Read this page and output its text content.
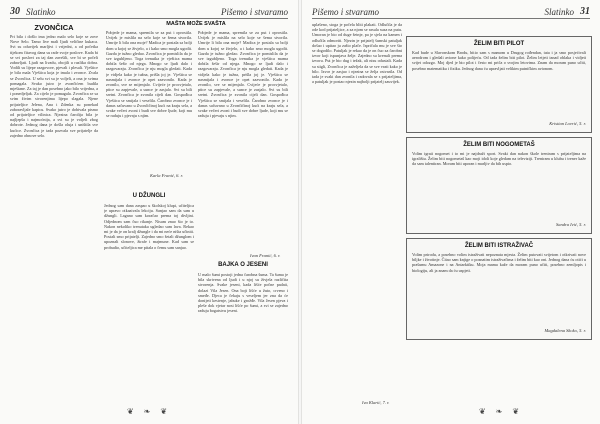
30 Slatinko	Pišemo i stvaramo
ZVONČICA
Pri bila i došlo ima jedno malo selo koje se zove Nove Selo. Tamo live mali Ijudi veličine kukaca. Svi su oduvijek marljivi i vrijedni, a od početka tijekom čitavog dana su rade svoje poslove. Kada bi se svi poslovi za taj dan završili, sve bi se počeli zabavljati. Ljudi na livadu, obojili u razlika dobra. Vodili su lijepe razgovore, pjevali i plesali. Vještice je bila mala Vještica koja je imala i zvonce. Zvala se Zvončica. U selu svi su je voljeli, a ona je svima pomagala. Svako jutro je zvončićem budila mještane. Za taj je dan posebno jako bilo vrijedna, a i ponedjeljak. Za cijelo je pomagala. Zvončica se sa svim živim stvorenjima lijepo slagala. Njene prijateljice Jelena, Ana i Zdenka su ponekad zaboravljale kapicu. Svako jutro je dobivala pismo od prijateljice vilinica. Njezina čarolija bila je najljepša i najmoćnija, a svi su je voljeli zbog dobrote. Jednog dana je došla oluja i uništila sve kućice. Zvončica je tada pozvala sve prijatelje da zajedno obnove selo.
MAŠTA MOŽE SVAŠTA
Pobjede je mama, spremila se za put i oprostila. Uvijek je mislila na selo koje se šema stvorila. Umrije li bila ona moje? Madica je postala sa bolji dom u kojoj se živjelo, a i kako smo mogla ugodit. Gazda je tužno gledao. Zvončica je pomislila da je sve izgubljeno. Toga trenutka je vještica mama dobila šešir od njega. Mnogo se ljudi dalo i razgovaraju. Zvončica je nju mogla gledati. Kada je vidjela kako je tužna, prišla joj je. Vještica se nasmijala i zvonce je opet zazvonilo. Kada je zvonilo, sve se mijenjalo. Cvijeće je procvjetalo, ptice su zapjevale, a sunce je zasjalo. Svi su bili sretni. Zvončica je zvonila cijeli dan. Gospođica Vještica se smijala i veselila. Čarobno zvonce je i danas sačuvano u Zvončičinoj kući na kraju sela, a svake večeri zvoni i budi sve dobre ljude, koji mu se raduju i pjevaju s njim.
Karla Franić, 6. r.
Pobjede je mama, spremila se za put i oprostila. Uvijek je mislila na selo koje se šema stvorila. Umrije li bila ona moje? Madica je postala sa bolji dom u kojoj se živjelo, a i kako smo mogla ugodit. Gazda je tužno gledao. Zvončica je pomislila da je sve izgubljeno. Toga trenutka je vještica mama dobila šešir od njega. Mnogo se ljudi dalo i razgovaraju. Zvončica je nju mogla gledati. Kada je vidjela kako je tužna, prišla joj je. Vještica se nasmijala i zvonce je opet zazvonilo. Kada je zvonilo, sve se mijenjalo. Cvijeće je procvjetalo, ptice su zapjevale, a sunce je zasjalo. Svi su bili sretni. Zvončica je zvonila cijeli dan. Gospođica Vještica se smijala i veselila. Čarobno zvonce je i danas sačuvano u Zvončičinoj kući na kraju sela, a svake večeri zvoni i budi sve dobre ljude, koji mu se raduju i pjevaju s njim.
Ivan Franić, 6. r.
U DŽUNGLI
Jednog sam dana zaspao u školskoj klupi, učiteljica je upravo otkazivala lekciju. Sanjao sam da sam u džungli. Lagano sam koračao prema toj divljini. Odjednom sam čuo rikanje. Nisam znao što je to. Nakon nekoliko trenutaka ugledao sam lava. Rekao mi je da je on kralj džungle i da mi neće ništa učiniti. Postali smo prijatelji. Zajedno smo šetali džunglom i upoznali slonove, žirafe i majmune. Kad sam se probudio, učiteljica me pitala o čemu sam sanjao.
BAJKA O JESENI
U malo šumi postoji jedna čarobna šuma. Ta šuma je bila skrivena od ljudi i u njoj su živjela različita stvorenja. Svake jeseni, kada lišće počne padati, dolazi Vila Jesen. Ona boji lišće u žuto, crveno i smeđe. Djeca je čekaju s veseljem jer zna da će donijeti kestenje, jabuke i grožđe. Vila Jesen pjeva i pleše dok vjetar nosi lišće po šumi, a svi se zajedno raduju bogatstvu jeseni.
❦ ❧ ❦
Pišemo i stvaramo	Slatinko 31
uplašeno, stoga je počela bliti plakati. Odlučila je da ode kod prijateljice, a za njom se rasula suza na putu. Umoran je bio od duge šetnje, pa je sjela na kamen i odlučila odmoriti. Njezin je prijatelj šumski patuljak došao i upitao ju zašto plače. Ispričala mu je sve što se dogodilo. Patuljak je rekao da je on čuo za čarobni izvor koji ispunjava želje. Zajedno su krenuli prema izvoru. Put je bio dug i težak, ali nisu odustali. Kada su stigli, Zvončica je zaželjela da se sve vrati kako je bilo. Izvor je zasjao i njezina se želja ostvarila. Od tada je svaki dan zvonila i radovala se s prijateljima, a patuljak je postao njezin najbolji prijatelj zauvijek.
Iva Klarić, 7. r.
ŽELIM BITI PILOT
Kad bude u Slavonskom Brodu, bitio sam s mamom u Drugog rođendan, tata i ja smo posjećivali aerodrom i gledali avione kako polijeću. Od tada želim biti pilot. Želim letjeti iznad oblaka i vidjeti svijet odozgo. Moj djed je bio pilot i često mi priča o svojim letovima. Znam da moram puno učiti, posebno matematiku i fiziku. Jednog dana ću upravljati velikim putničkim avionom.
Kristian Lovrić, 5. r.
ŽELIM BITI NOGOMETAŠ
Volim igrati nogomet i to mi je najdraži sport. Svaki dan nakon škole treniram s prijateljima na igralištu. Želim biti nogometaš kao moji idoli koje gledam na televiziji. Treniram u klubu i trener kaže da sam talentiran. Moram biti uporan i marljiv da bih uspio.
Sandra Ivić, 5. r.
ŽELIM BITI ISTRAŽIVAČ
Volim prirodu, a posebno volim istraživati nepoznata mjesta. Želim putovati svijetom i otkrivati nove biljke i životinje. Čitao sam knjige o poznatim istraživačima i želim biti kao oni. Jednog dana ću otići u prašumu Amazone i na Antarktiku. Moja mama kaže da moram puno učiti, posebno zemljopis i biologiju, ali ja znam da ću uspjeti.
Magdalena Skoko, 5. r.
❦ ❧ ❦
